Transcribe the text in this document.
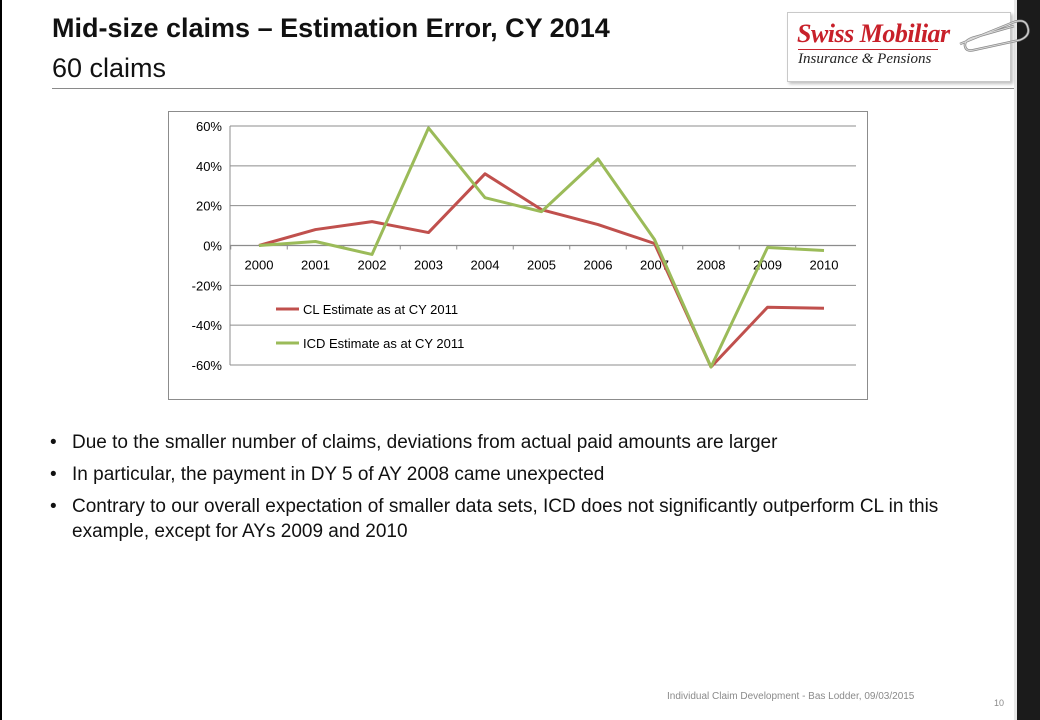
Mid-size claims – Estimation Error, CY 2014
60 claims
Swiss Mobiliar
Insurance & Pensions
60%
40%
20%
0%
-20%
-40%
-60%
2000 2001 2002 2003 2004 2005 2006 2007 2008 2009 2010
CL Estimate as at CY 2011
ICD Estimate as at CY 2011
• Due to the smaller number of claims, deviations from actual paid amounts are larger
• In particular, the payment in DY 5 of AY 2008 came unexpected
• Contrary to our overall expectation of smaller data sets, ICD does not significantly outperform CL in this example, except for AYs 2009 and 2010
Individual Claim Development - Bas Lodder, 09/03/2015
10
